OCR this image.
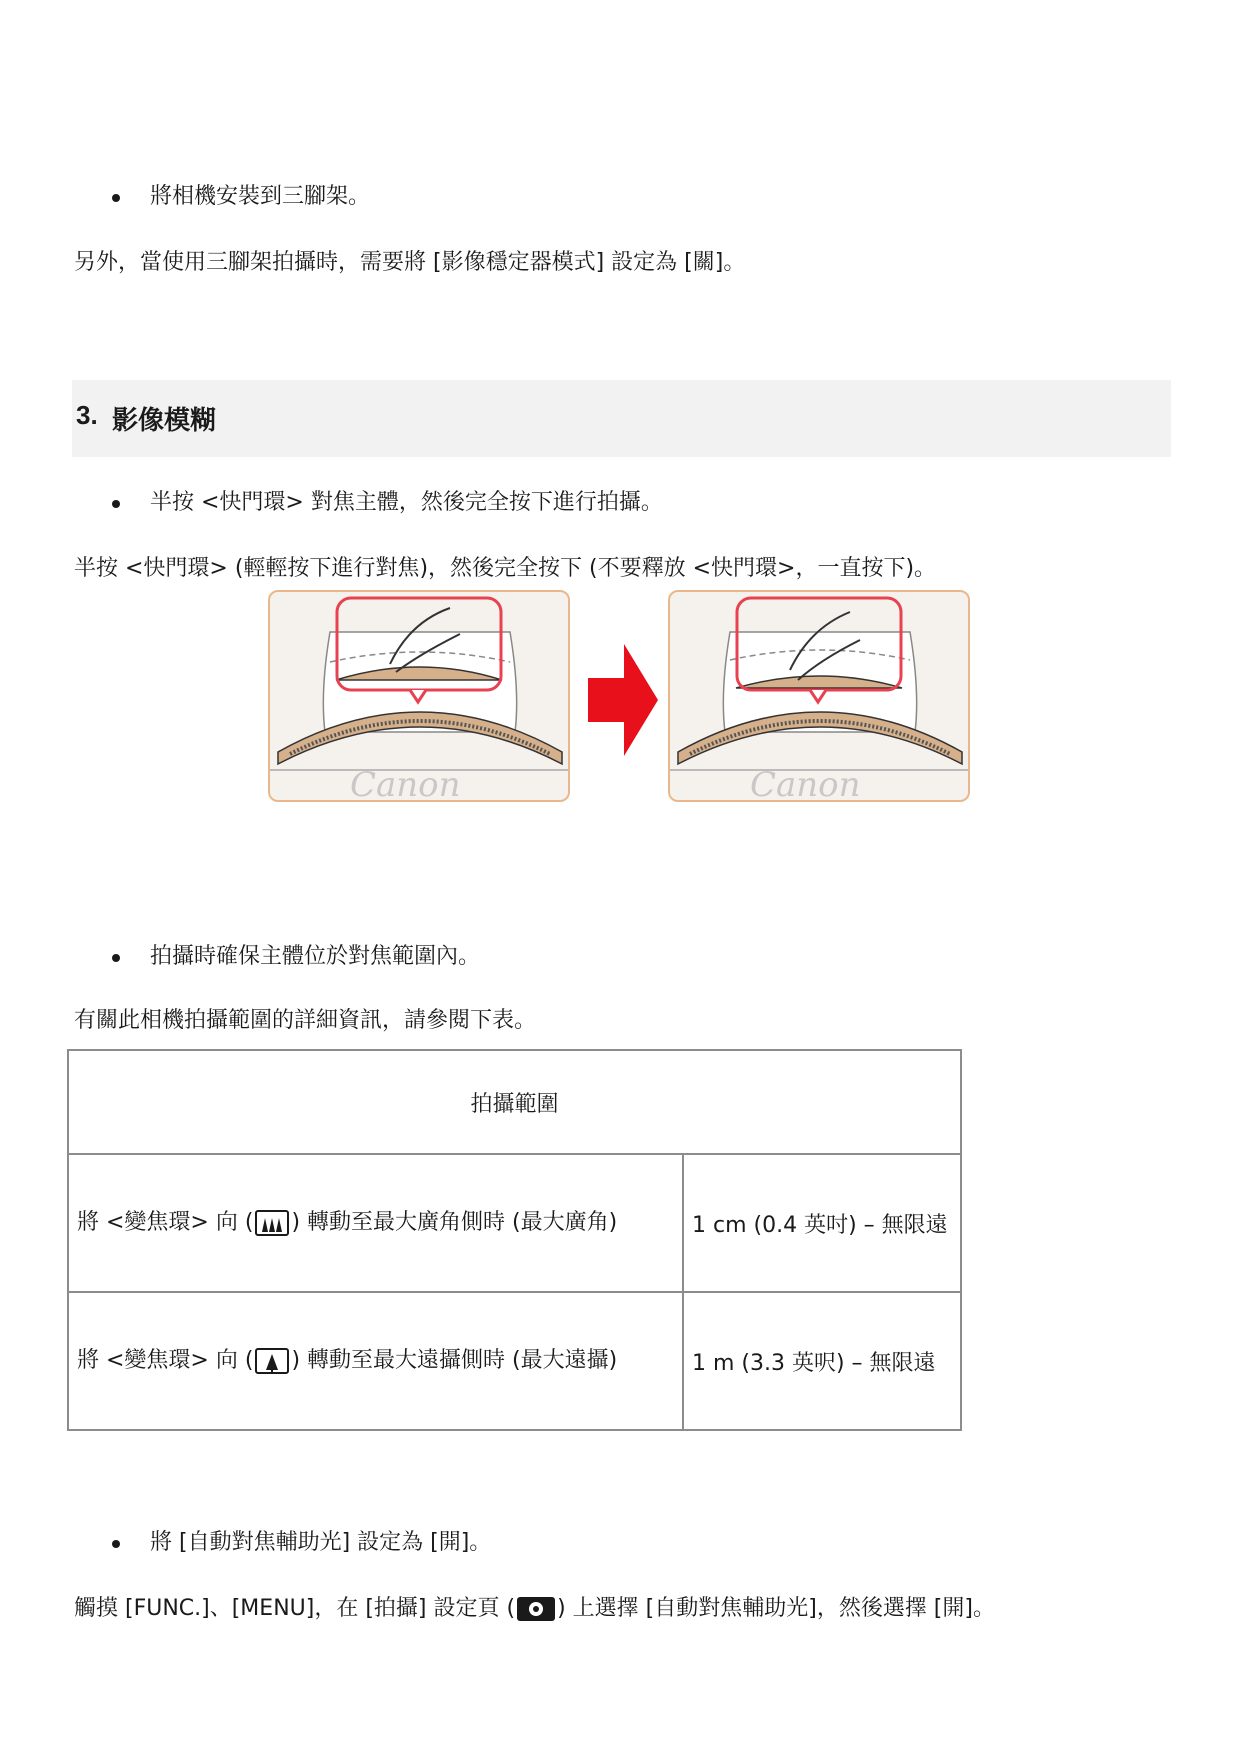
將相機安裝到三腳架。
另外，當使用三腳架拍攝時，需要將 [影像穩定器模式] 設定為 [關]。
3. 影像模糊
半按 <快門環> 對焦主體，然後完全按下進行拍攝。
半按 <快門環> (輕輕按下進行對焦)，然後完全按下 (不要釋放 <快門環>，一直按下)。
Canon	Canon
拍攝時確保主體位於對焦範圍內。
有關此相機拍攝範圍的詳細資訊，請參閱下表。
拍攝範圍	
將 <變焦環> 向 ( ) 轉動至最大廣角側時 (最大廣角)	1 cm (0.4 英吋) – 無限遠
將 <變焦環> 向 ( ) 轉動至最大遠攝側時 (最大遠攝)	1 m (3.3 英呎) – 無限遠
將 [自動對焦輔助光] 設定為 [開]。
觸摸 [FUNC.]、[MENU]，在 [拍攝] 設定頁 ( ) 上選擇 [自動對焦輔助光]，然後選擇 [開]。
